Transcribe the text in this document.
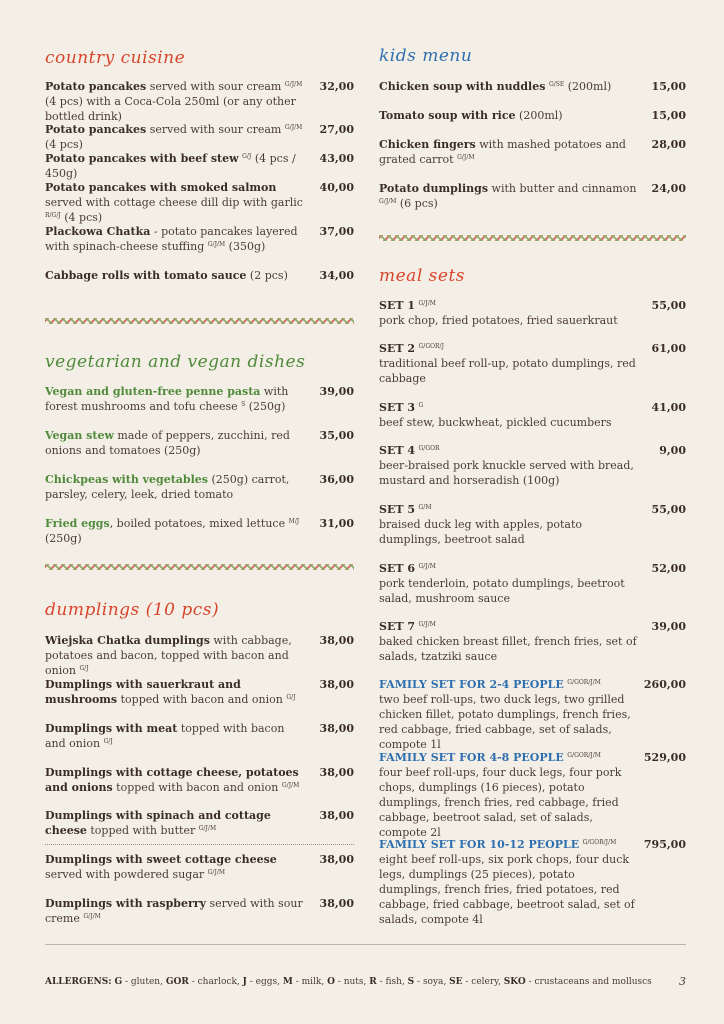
country cuisine
Potato pancakes served with sour cream $^{G/J/M}$ (4 pcs) with a Coca-Cola 250ml (or any other bottled drink)
32,00
Potato pancakes served with sour cream $^{G/J/M}$ (4 pcs)
27,00
Potato pancakes with beef stew $^{G/J}$ (4 pcs / 450g)
43,00
Potato pancakes with smoked salmon served with cottage cheese dill dip with garlic $^{R/G/J}$ (4 pcs)
40,00
Plackowa Chatka - potato pancakes layered with spinach-cheese stuffing $^{G/J/M}$ (350g)
37,00
Cabbage rolls with tomato sauce (2 pcs)	34,00
vegetarian and vegan dishes
Vegan and gluten-free penne pasta with forest mushrooms and tofu cheese $^S$ (250g)
39,00
Vegan stew made of peppers, zucchini, red onions and tomatoes (250g)
35,00
Chickpeas with vegetables (250g) carrot, parsley, celery, leek, dried tomato
36,00
Fried eggs, boiled potatoes, mixed lettuce $^{M/J}$ (250g)
31,00
dumplings (10 pcs)
Wiejska Chatka dumplings with cabbage, potatoes and bacon, topped with bacon and onion $^{G/J}$
38,00
Dumplings with sauerkraut and mushrooms topped with bacon and onion $^{G/J}$
38,00
Dumplings with meat topped with bacon and onion $^{G/J}$
38,00
Dumplings with cottage cheese, potatoes and onions topped with bacon and onion $^{G/J/M}$
38,00
Dumplings with spinach and cottage cheese topped with butter $^{G/J/M}$
38,00
Dumplings with sweet cottage cheese served with powdered sugar $^{G/J/M}$
38,00
Dumplings with raspberry served with sour creme $^{G/J/M}$
38,00
kids menu
Chicken soup with nuddles $^{G/SE}$ (200ml)	15,00
Tomato soup with rice (200ml)	15,00
Chicken fingers with mashed potatoes and grated carrot $^{G/J/M}$
28,00
Potato dumplings with butter and cinnamon $^{G/J/M}$ (6 pcs)
24,00
meal sets
SET 1 $^{G/J/M}$
pork chop, fried potatoes, fried sauerkraut
55,00
SET 2 $^{G/GOR/J}$
traditional beef roll-up, potato dumplings, red cabbage
61,00
SET 3 $^G$
beef stew, buckwheat, pickled cucumbers
41,00
SET 4 $^{G/GOR}$
beer-braised pork knuckle served with bread, mustard and horseradish (100g)
9,00
SET 5 $^{G/M}$
braised duck leg with apples, potato dumplings, beetroot salad
55,00
SET 6 $^{G/J/M}$
pork tenderloin, potato dumplings, beetroot salad, mushroom sauce
52,00
SET 7 $^{G/J/M}$
baked chicken breast fillet, french fries, set of salads, tzatziki sauce
39,00
FAMILY SET FOR 2-4 PEOPLE $^{G/GOR/J/M}$
two beef roll-ups, two duck legs, two grilled chicken fillet, potato dumplings, french fries, red cabbage, fried cabbage, set of salads, compote 1l
260,00
FAMILY SET FOR 4-8 PEOPLE $^{G/GOR/J/M}$
four beef roll-ups, four duck legs, four pork chops, dumplings (16 pieces), potato dumplings, french fries, red cabbage, fried cabbage, beetroot salad, set of salads, compote 2l
529,00
FAMILY SET FOR 10-12 PEOPLE $^{G/GOR/J/M}$
eight beef roll-ups, six pork chops, four duck legs, dumplings (25 pieces), potato dumplings, french fries, fried potatoes, red cabbage, fried cabbage, beetroot salad, set of salads, compote 4l
795,00
ALLERGENS: G - gluten, GOR - charlock, J - eggs, M - milk, O - nuts, R - fish, S - soya, SE - celery, SKO - crustaceans and molluscs 3
